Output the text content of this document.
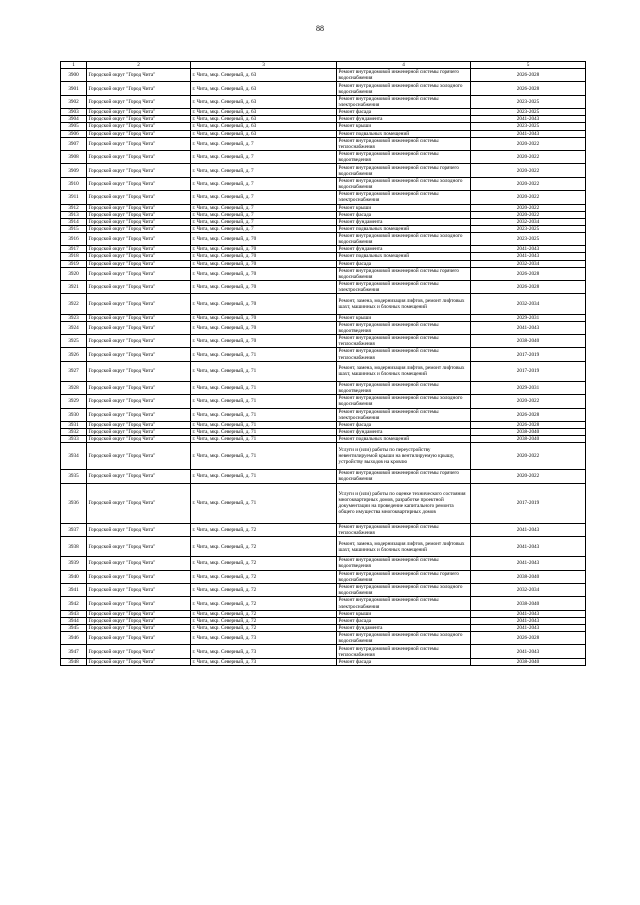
88
1	2	3	4	5
3900	Городской округ "Город Чита"	г. Чита, мкр. Северный, д. 63	Ремонт внутридомовой инженерной системы горячего водоснабжения	2026-2028
3901	Городской округ "Город Чита"	г. Чита, мкр. Северный, д. 63	Ремонт внутридомовой инженерной системы холодного водоснабжения	2026-2028
3902	Городской округ "Город Чита"	г. Чита, мкр. Северный, д. 63	Ремонт внутридомовой инженерной системы электроснабжения	2023-2025
3903	Городской округ "Город Чита"	г. Чита, мкр. Северный, д. 63	Ремонт фасада	2023-2025
3904	Городской округ "Город Чита"	г. Чита, мкр. Северный, д. 63	Ремонт фундамента	2041-2043
3905	Городской округ "Город Чита"	г. Чита, мкр. Северный, д. 63	Ремонт крыши	2023-2025
3906	Городской округ "Город Чита"	г. Чита, мкр. Северный, д. 63	Ремонт подвальных помещений	2041-2043
3907	Городской округ "Город Чита"	г. Чита, мкр. Северный, д. 7	Ремонт внутридомовой инженерной системы теплоснабжения	2020-2022
3908	Городской округ "Город Чита"	г. Чита, мкр. Северный, д. 7	Ремонт внутридомовой инженерной системы водоотведения	2020-2022
3909	Городской округ "Город Чита"	г. Чита, мкр. Северный, д. 7	Ремонт внутридомовой инженерной системы горячего водоснабжения	2020-2022
3910	Городской округ "Город Чита"	г. Чита, мкр. Северный, д. 7	Ремонт внутридомовой инженерной системы холодного водоснабжения	2020-2022
3911	Городской округ "Город Чита"	г. Чита, мкр. Северный, д. 7	Ремонт внутридомовой инженерной системы электроснабжения	2020-2022
3912	Городской округ "Город Чита"	г. Чита, мкр. Северный, д. 7	Ремонт крыши	2020-2022
3913	Городской округ "Город Чита"	г. Чита, мкр. Северный, д. 7	Ремонт фасада	2020-2022
3914	Городской округ "Город Чита"	г. Чита, мкр. Северный, д. 7	Ремонт фундамента	2032-2034
3915	Городской округ "Город Чита"	г. Чита, мкр. Северный, д. 7	Ремонт подвальных помещений	2023-2025
3916	Городской округ "Город Чита"	г. Чита, мкр. Северный, д. 70	Ремонт внутридомовой инженерной системы холодного водоснабжения	2023-2025
3917	Городской округ "Город Чита"	г. Чита, мкр. Северный, д. 70	Ремонт фундамента	2041-2043
3918	Городской округ "Город Чита"	г. Чита, мкр. Северный, д. 70	Ремонт подвальных помещений	2041-2043
3919	Городской округ "Город Чита"	г. Чита, мкр. Северный, д. 70	Ремонт фасада	2032-2034
3920	Городской округ "Город Чита"	г. Чита, мкр. Северный, д. 70	Ремонт внутридомовой инженерной системы горячего водоснабжения	2026-2028
3921	Городской округ "Город Чита"	г. Чита, мкр. Северный, д. 70	Ремонт внутридомовой инженерной системы электроснабжения	2026-2028
3922	Городской округ "Город Чита"	г. Чита, мкр. Северный, д. 70	Ремонт, замена, модернизация лифтов, ремонт лифтовых шахт, машинных и блочных помещений	2032-2034
3923	Городской округ "Город Чита"	г. Чита, мкр. Северный, д. 70	Ремонт крыши	2029-2031
3924	Городской округ "Город Чита"	г. Чита, мкр. Северный, д. 70	Ремонт внутридомовой инженерной системы водоотведения	2041-2043
3925	Городской округ "Город Чита"	г. Чита, мкр. Северный, д. 70	Ремонт внутридомовой инженерной системы теплоснабжения	2038-2040
3926	Городской округ "Город Чита"	г. Чита, мкр. Северный, д. 71	Ремонт внутридомовой инженерной системы теплоснабжения	2017-2019
3927	Городской округ "Город Чита"	г. Чита, мкр. Северный, д. 71	Ремонт, замена, модернизация лифтов, ремонт лифтовых шахт, машинных и блочных помещений	2017-2019
3928	Городской округ "Город Чита"	г. Чита, мкр. Северный, д. 71	Ремонт внутридомовой инженерной системы водоотведения	2029-2031
3929	Городской округ "Город Чита"	г. Чита, мкр. Северный, д. 71	Ремонт внутридомовой инженерной системы холодного водоснабжения	2020-2022
3930	Городской округ "Город Чита"	г. Чита, мкр. Северный, д. 71	Ремонт внутридомовой инженерной системы электроснабжения	2026-2028
3931	Городской округ "Город Чита"	г. Чита, мкр. Северный, д. 71	Ремонт фасада	2026-2028
3932	Городской округ "Город Чита"	г. Чита, мкр. Северный, д. 71	Ремонт фундамента	2038-2040
3933	Городской округ "Город Чита"	г. Чита, мкр. Северный, д. 71	Ремонт подвальных помещений	2038-2040
3934	Городской округ "Город Чита"	г. Чита, мкр. Северный, д. 71	Услуги и (или) работы по переустройству невентилируемой крыши на вентилируемую крышу, устройству выходов на кровлю	2020-2022
3935	Городской округ "Город Чита"	г. Чита, мкр. Северный, д. 71	Ремонт внутридомовой инженерной системы горячего водоснабжения	2020-2022
3936	Городской округ "Город Чита"	г. Чита, мкр. Северный, д. 71	Услуги и (или) работы по оценке технического состояния многоквартирных домов, разработке проектной документации на проведение капитального ремонта общего имущества многоквартирных домов	2017-2019
3937	Городской округ "Город Чита"	г. Чита, мкр. Северный, д. 72	Ремонт внутридомовой инженерной системы теплоснабжения	2041-2043
3938	Городской округ "Город Чита"	г. Чита, мкр. Северный, д. 72	Ремонт, замена, модернизация лифтов, ремонт лифтовых шахт, машинных и блочных помещений	2041-2043
3939	Городской округ "Город Чита"	г. Чита, мкр. Северный, д. 72	Ремонт внутридомовой инженерной системы водоотведения	2041-2043
3940	Городской округ "Город Чита"	г. Чита, мкр. Северный, д. 72	Ремонт внутридомовой инженерной системы горячего водоснабжения	2038-2040
3941	Городской округ "Город Чита"	г. Чита, мкр. Северный, д. 72	Ремонт внутридомовой инженерной системы холодного водоснабжения	2032-2034
3942	Городской округ "Город Чита"	г. Чита, мкр. Северный, д. 72	Ремонт внутридомовой инженерной системы электроснабжения	2038-2040
3943	Городской округ "Город Чита"	г. Чита, мкр. Северный, д. 72	Ремонт крыши	2041-2043
3944	Городской округ "Город Чита"	г. Чита, мкр. Северный, д. 72	Ремонт фасада	2041-2043
3945	Городской округ "Город Чита"	г. Чита, мкр. Северный, д. 72	Ремонт фундамента	2041-2043
3946	Городской округ "Город Чита"	г. Чита, мкр. Северный, д. 73	Ремонт внутридомовой инженерной системы холодного водоснабжения	2026-2028
3947	Городской округ "Город Чита"	г. Чита, мкр. Северный, д. 73	Ремонт внутридомовой инженерной системы теплоснабжения	2041-2043
3948	Городской округ "Город Чита"	г. Чита, мкр. Северный, д. 73	Ремонт фасада	2038-2040
